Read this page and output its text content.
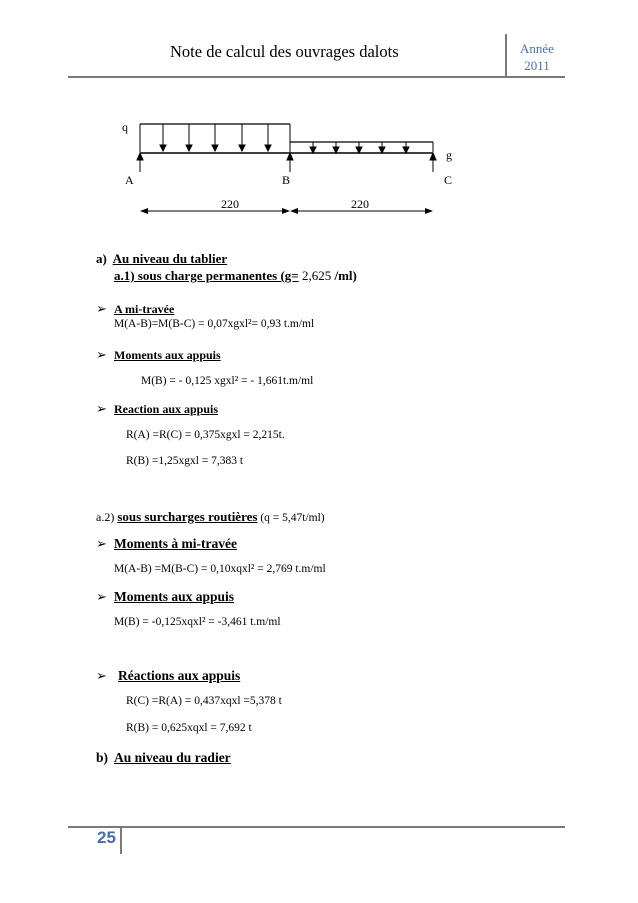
Note de calcul des ouvrages dalots	Année
2011
q
g
A	B	C
220	220
a) Au niveau du tablier
a.1) sous charge permanentes (g= 2,625 /ml)
➢ A mi-travée
M(A-B)=M(B-C) = 0,07xgxl²= 0,93 t.m/ml
➢ Moments aux appuis
M(B) = - 0,125 xgxl² = - 1,661t.m/ml
➢ Reaction aux appuis
R(A) =R(C) = 0,375xgxl = 2,215t.
R(B) =1,25xgxl = 7,383 t
a.2) sous surcharges routières (q = 5,47t/ml)
➢ Moments à mi-travée
M(A-B) =M(B-C) = 0,10xqxl² = 2,769 t.m/ml
➢ Moments aux appuis
M(B) = -0,125xqxl² = -3,461 t.m/ml
➢ Réactions aux appuis
R(C) =R(A) = 0,437xqxl =5,378 t
R(B) = 0,625xqxl = 7,692 t
b) Au niveau du radier
25
